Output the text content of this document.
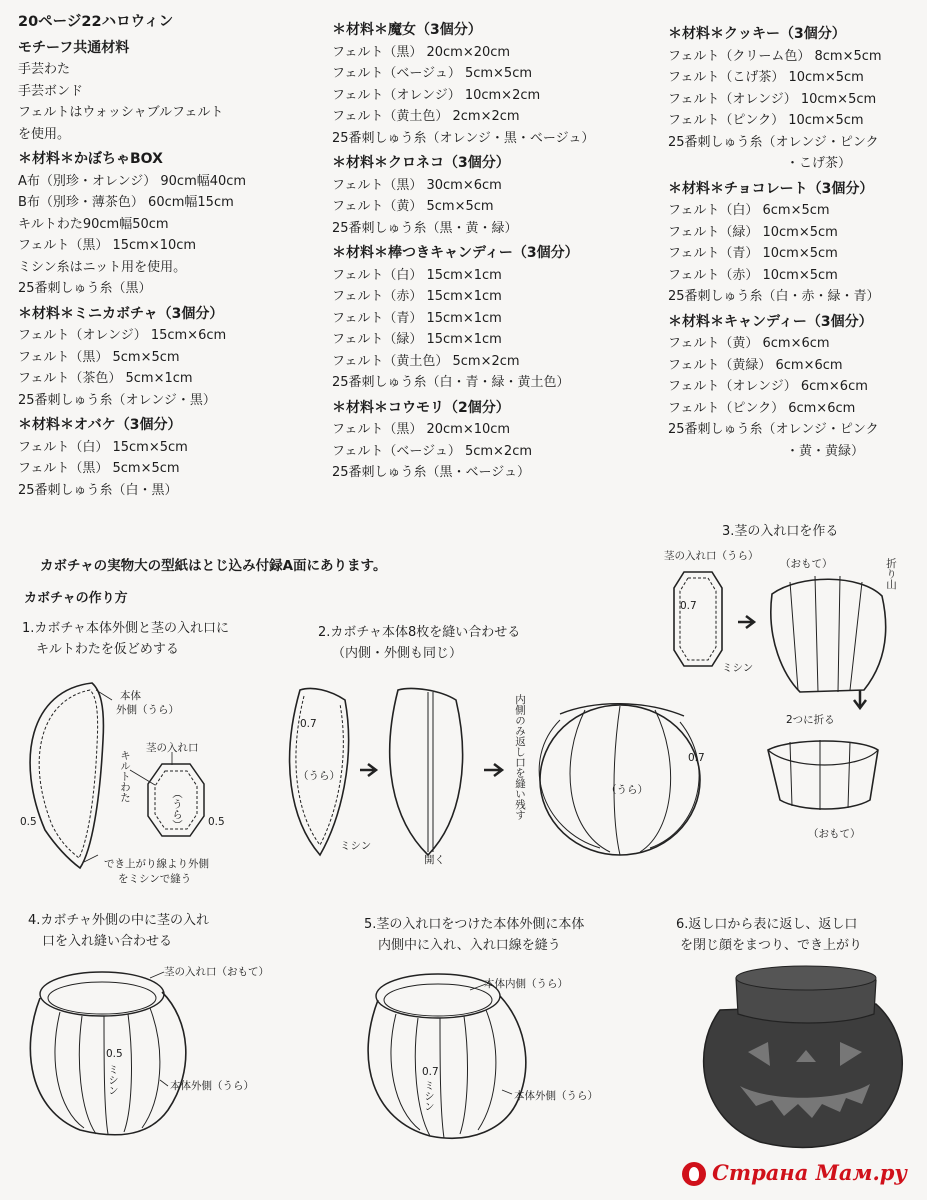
20ページ22ハロウィン
モチーフ共通材料
手芸わた
手芸ボンド
フェルトはウォッシャブルフェルト
を使用。
＊材料＊かぼちゃBOX
A布（別珍・オレンジ） 90cm幅40cm
B布（別珍・薄茶色） 60cm幅15cm
キルトわた90cm幅50cm
フェルト（黒） 15cm×10cm
ミシン糸はニット用を使用。
25番刺しゅう糸（黒）
＊材料＊ミニカボチャ（3個分）
フェルト（オレンジ） 15cm×6cm
フェルト（黒） 5cm×5cm
フェルト（茶色） 5cm×1cm
25番刺しゅう糸（オレンジ・黒）
＊材料＊オバケ（3個分）
フェルト（白） 15cm×5cm
フェルト（黒） 5cm×5cm
25番刺しゅう糸（白・黒）
＊材料＊魔女（3個分）
フェルト（黒） 20cm×20cm
フェルト（ベージュ） 5cm×5cm
フェルト（オレンジ） 10cm×2cm
フェルト（黄土色） 2cm×2cm
25番刺しゅう糸（オレンジ・黒・ベージュ）
＊材料＊クロネコ（3個分）
フェルト（黒） 30cm×6cm
フェルト（黄） 5cm×5cm
25番刺しゅう糸（黒・黄・緑）
＊材料＊棒つきキャンディー（3個分）
フェルト（白） 15cm×1cm
フェルト（赤） 15cm×1cm
フェルト（青） 15cm×1cm
フェルト（緑） 15cm×1cm
フェルト（黄土色） 5cm×2cm
25番刺しゅう糸（白・青・緑・黄土色）
＊材料＊コウモリ（2個分）
フェルト（黒） 20cm×10cm
フェルト（ベージュ） 5cm×2cm
25番刺しゅう糸（黒・ベージュ）
＊材料＊クッキー（3個分）
フェルト（クリーム色） 8cm×5cm
フェルト（こげ茶） 10cm×5cm
フェルト（オレンジ） 10cm×5cm
フェルト（ピンク） 10cm×5cm
25番刺しゅう糸（オレンジ・ピンク
・こげ茶）
＊材料＊チョコレート（3個分）
フェルト（白） 6cm×5cm
フェルト（緑） 10cm×5cm
フェルト（青） 10cm×5cm
フェルト（赤） 10cm×5cm
25番刺しゅう糸（白・赤・緑・青）
＊材料＊キャンディー（3個分）
フェルト（黄） 6cm×6cm
フェルト（黄緑） 6cm×6cm
フェルト（オレンジ） 6cm×6cm
フェルト（ピンク） 6cm×6cm
25番刺しゅう糸（オレンジ・ピンク
・黄・黄緑）
カボチャの実物大の型紙はとじ込み付録A面にあります。
カボチャの作り方
1.カボチャ本体外側と茎の入れ口に
キルトわたを仮どめする
2.カボチャ本体8枚を縫い合わせる
（内側・外側も同じ）
3.茎の入れ口を作る
4.カボチャ外側の中に茎の入れ
口を入れ縫い合わせる
5.茎の入れ口をつけた本体外側に本体
内側中に入れ、入れ口線を縫う
6.返し口から表に返し、返し口
を閉じ顔をまつり、でき上がり
本体
外側（うら）
茎の入れ口
キルトわた
（うら）
0.5	0.5
でき上がり線より外側
をミシンで縫う
0.7
（うら）
ミシン
開く
内側のみ返し口を縫い残す	0.7
（うら）
茎の入れ口（うら）
0.7
ミシン
（おもて）	折り山
2つに折る
（おもて）
茎の入れ口（おもて）
0.5
ミシン	本体外側（うら）
本体内側（うら）
0.7
ミシン	本体外側（うら）
Страна Мам.ру
